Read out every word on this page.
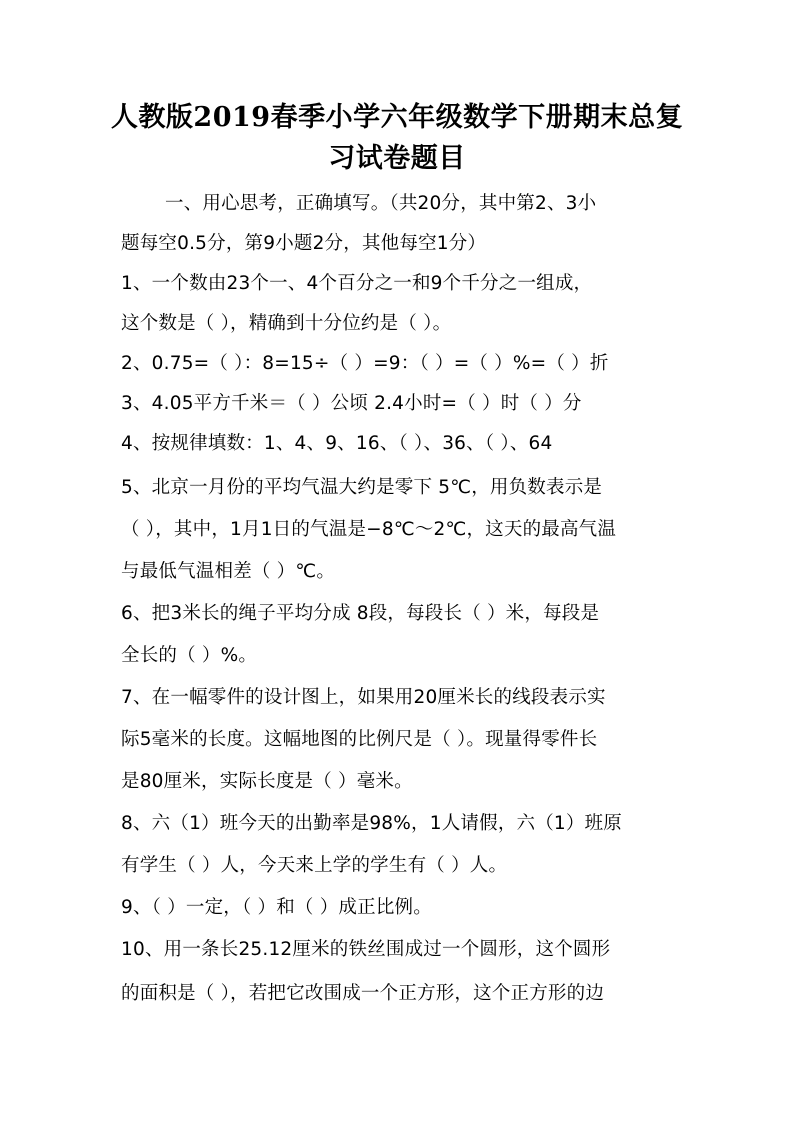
人教版2019春季小学六年级数学下册期末总复
习试卷题目
一、用心思考，正确填写。（共20分，其中第2、3小
题每空0.5分，第9小题2分，其他每空1分）
1、一个数由23个一、4个百分之一和9个千分之一组成，
这个数是（ ），精确到十分位约是（ ）。
2、0.75=（ ）：8=15÷（ ）=9：（ ）=（ ）%=（ ）折
3、4.05平方千米＝（ ）公顷 2.4小时=（ ）时（ ）分
4、按规律填数：1、4、9、16、（ ）、36、（ ）、64
5、北京一月份的平均气温大约是零下 5℃，用负数表示是
（ ），其中，1月1日的气温是−8℃～2℃，这天的最高气温
与最低气温相差（ ）℃。
6、把3米长的绳子平均分成 8段，每段长（ ）米，每段是
全长的（ ）%。
7、在一幅零件的设计图上，如果用20厘米长的线段表示实
际5毫米的长度。这幅地图的比例尺是（ ）。现量得零件长
是80厘米，实际长度是（ ）毫米。
8、六（1）班今天的出勤率是98%，1人请假，六（1）班原
有学生（ ）人，今天来上学的学生有（ ）人。
9、（ ）一定，（ ）和（ ）成正比例。
10、用一条长25.12厘米的铁丝围成过一个圆形，这个圆形
的面积是（ ），若把它改围成一个正方形，这个正方形的边
